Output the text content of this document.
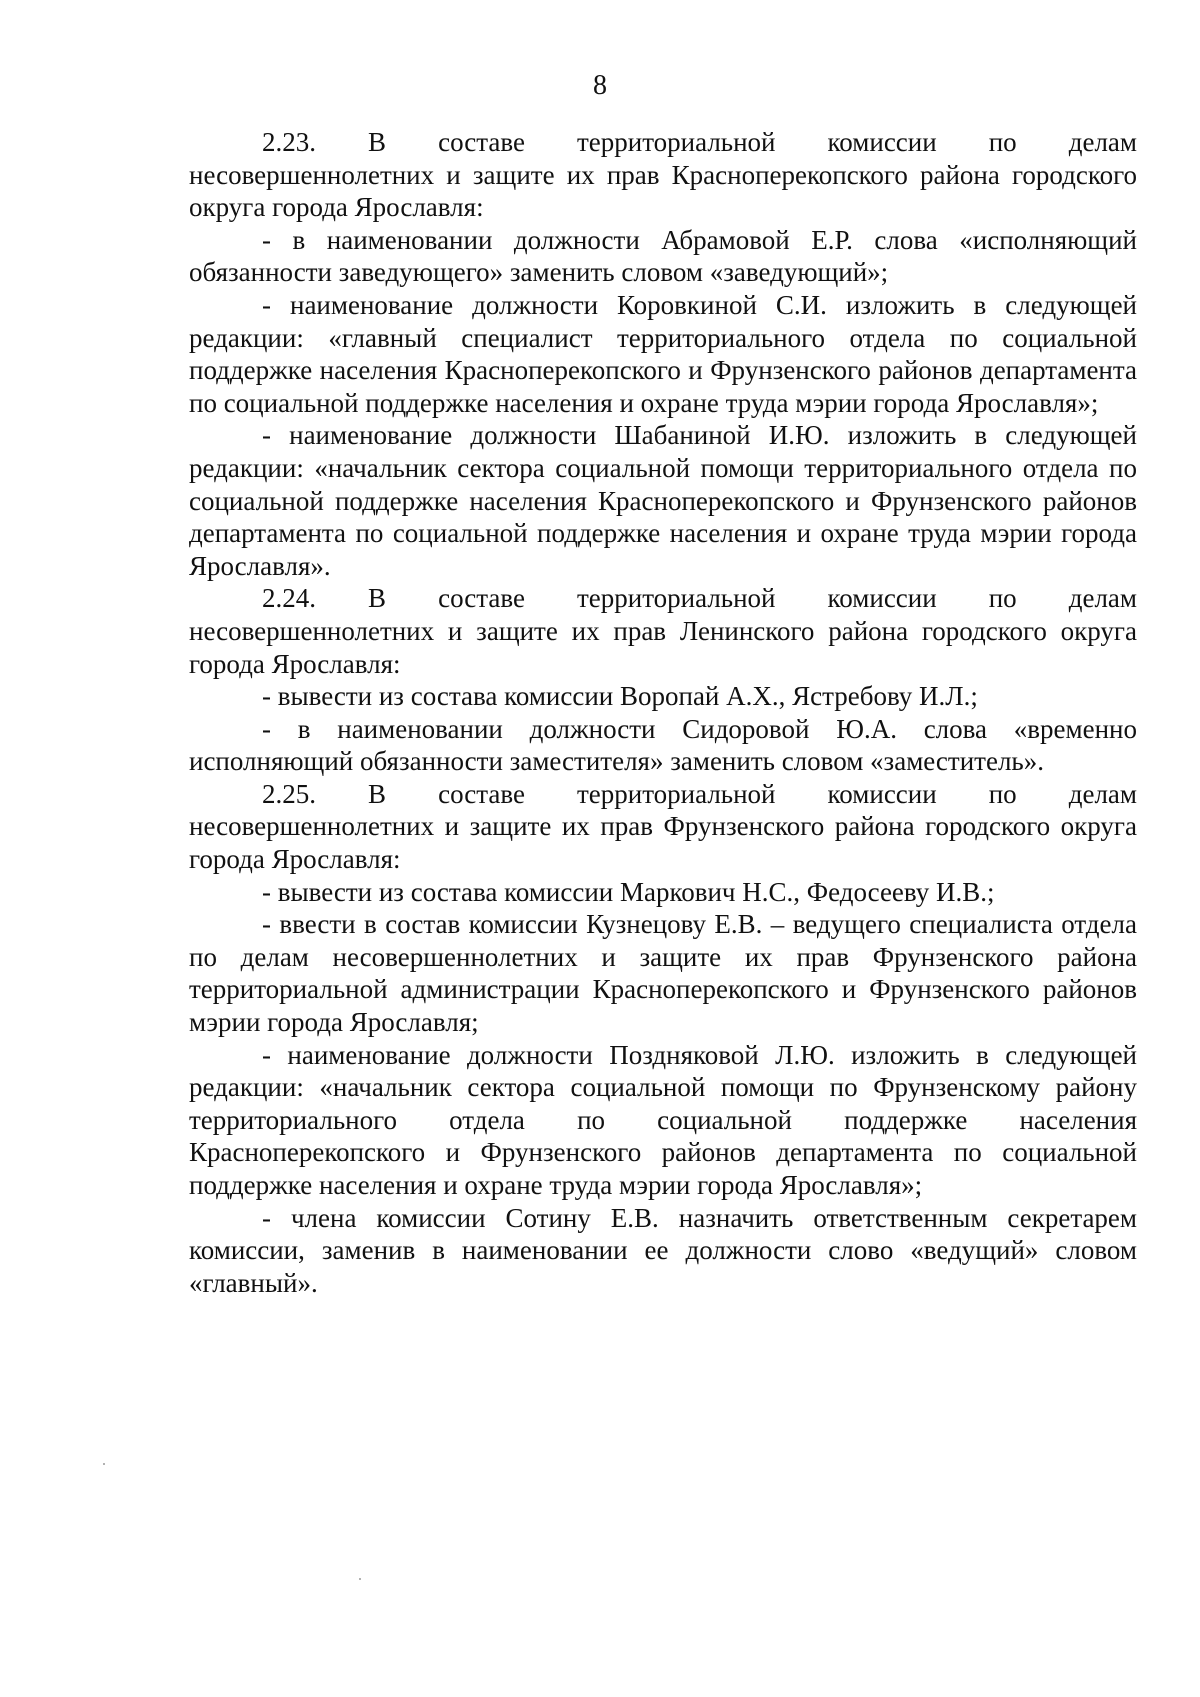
8
2.23. В составе территориальной комиссии по делам
несовершеннолетних и защите их прав Красноперекопского района городского округа города Ярославля:

- в наименовании должности Абрамовой Е.Р. слова «исполняющий обязанности заведующего» заменить словом «заведующий»;

- наименование должности Коровкиной С.И. изложить в следующей редакции: «главный специалист территориального отдела по социальной поддержке населения Красноперекопского и Фрунзенского районов департамента по социальной поддержке населения и охране труда мэрии города Ярославля»;

- наименование должности Шабаниной И.Ю. изложить в следующей редакции: «начальник сектора социальной помощи территориального отдела по социальной поддержке населения Красноперекопского и Фрунзенского районов департамента по социальной поддержке населения и охране труда мэрии города Ярославля».

2.24. В составе территориальной комиссии по делам
несовершеннолетних и защите их прав Ленинского района городского округа города Ярославля:

- вывести из состава комиссии Воропай А.Х., Ястребову И.Л.;

- в наименовании должности Сидоровой Ю.А. слова «временно исполняющий обязанности заместителя» заменить словом «заместитель».

2.25. В составе территориальной комиссии по делам
несовершеннолетних и защите их прав Фрунзенского района городского округа города Ярославля:

- вывести из состава комиссии Маркович Н.С., Федосееву И.В.;

- ввести в состав комиссии Кузнецову Е.В. – ведущего специалиста отдела по делам несовершеннолетних и защите их прав Фрунзенского района территориальной администрации Красноперекопского и Фрунзенского районов мэрии города Ярославля;

- наименование должности Поздняковой Л.Ю. изложить в следующей редакции: «начальник сектора социальной помощи по Фрунзенскому району территориального отдела по социальной поддержке населения Красноперекопского и Фрунзенского районов департамента по социальной поддержке населения и охране труда мэрии города Ярославля»;

- члена комиссии Сотину Е.В. назначить ответственным секретарем комиссии, заменив в наименовании ее должности слово «ведущий» словом «главный».
